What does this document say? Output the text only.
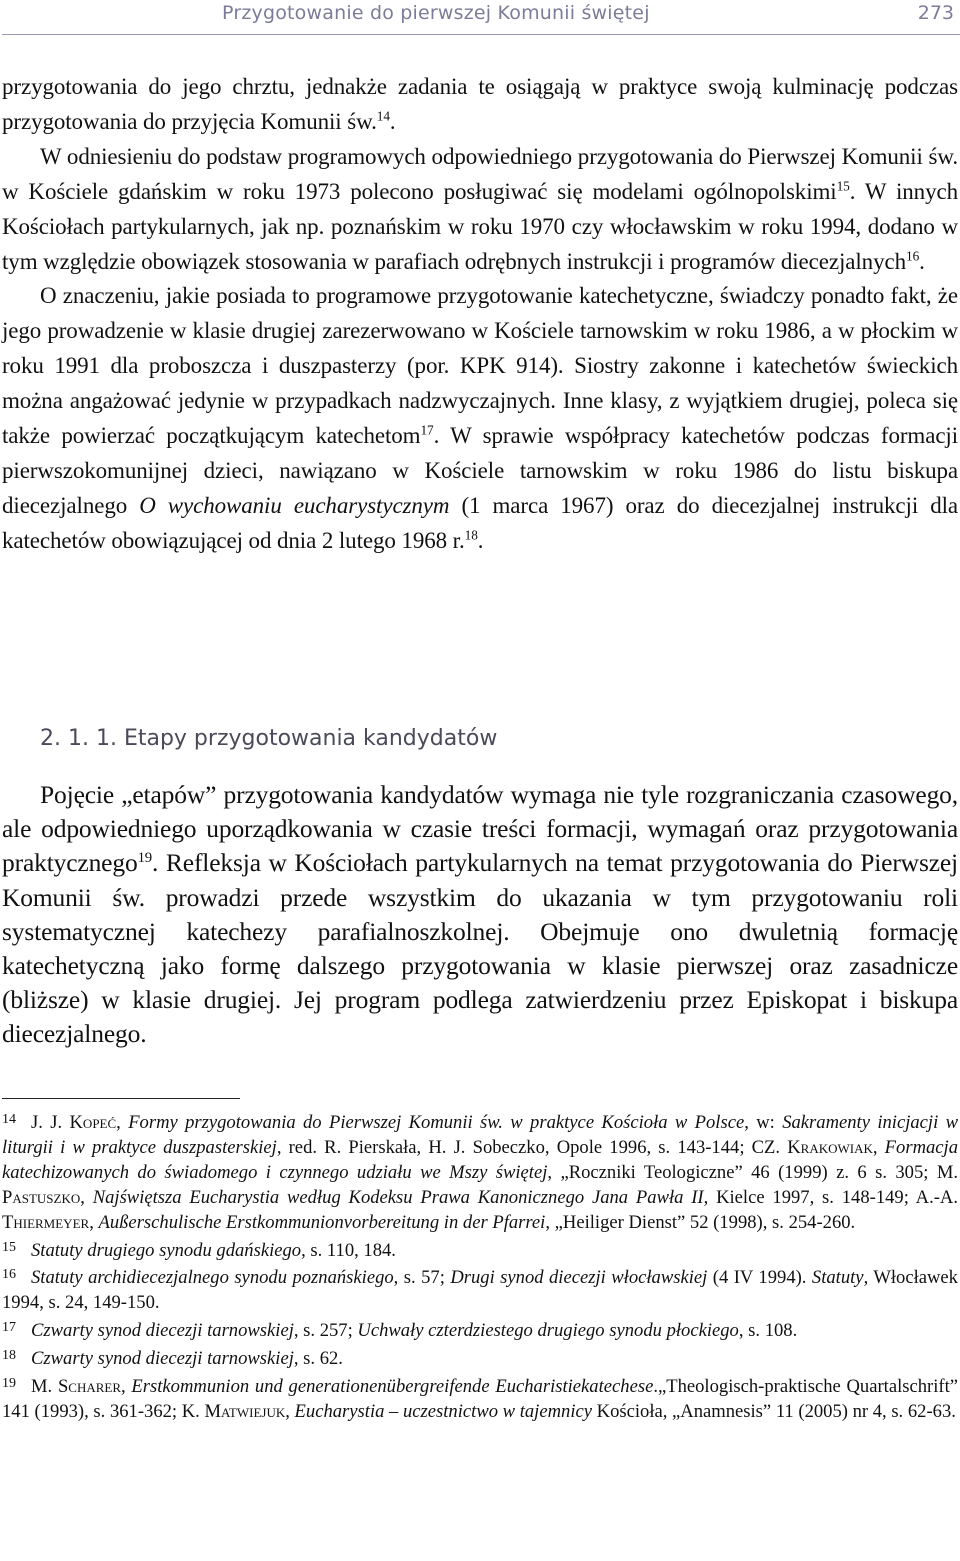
Przygotowanie do pierwszej Komunii świętej	273

przygotowania do jego chrztu, jednakże zadania te osiągają w praktyce swoją kulminację podczas przygotowania do przyjęcia Komunii św.$^{14}$.

W odniesieniu do podstaw programowych odpowiedniego przygotowania do Pierwszej Komunii św. w Kościele gdańskim w roku 1973 polecono posługiwać się modelami ogólnopolskimi$^{15}$. W innych Kościołach partykularnych, jak np. poznańskim w roku 1970 czy włocławskim w roku 1994, dodano w tym względzie obowiązek stosowania w parafiach odrębnych instrukcji i programów diecezjalnych$^{16}$.

O znaczeniu, jakie posiada to programowe przygotowanie katechetyczne, świadczy ponadto fakt, że jego prowadzenie w klasie drugiej zarezerwowano w Kościele tarnowskim w roku 1986, a w płockim w roku 1991 dla proboszcza i duszpasterzy (por. KPK 914). Siostry zakonne i katechetów świeckich można angażować jedynie w przypadkach nadzwyczajnych. Inne klasy, z wyjątkiem drugiej, poleca się także powierzać początkującym katechetom$^{17}$. W sprawie współpracy katechetów podczas formacji pierwszokomunijnej dzieci, nawiązano w Kościele tarnowskim w roku 1986 do listu biskupa diecezjalnego O wychowaniu eucharystycznym (1 marca 1967) oraz do diecezjalnej instrukcji dla katechetów obowiązującej od dnia 2 lutego 1968 r.$^{18}$.

2. 1. 1. Etapy przygotowania kandydatów

Pojęcie „etapów” przygotowania kandydatów wymaga nie tyle rozgraniczania czasowego, ale odpowiedniego uporządkowania w czasie treści formacji, wymagań oraz przygotowania praktycznego$^{19}$. Refleksja w Kościołach partykularnych na temat przygotowania do Pierwszej Komunii św. prowadzi przede wszystkim do ukazania w tym przygotowaniu roli systematycznej katechezy parafialnoszkolnej. Obejmuje ono dwuletnią formację katechetyczną jako formę dalszego przygotowania w klasie pierwszej oraz zasadnicze (bliższe) w klasie drugiej. Jej program podlega zatwierdzeniu przez Episkopat i biskupa diecezjalnego.

14 J. J. Kopeć, Formy przygotowania do Pierwszej Komunii św. w praktyce Kościoła w Polsce, w: Sakramenty inicjacji w liturgii i w praktyce duszpasterskiej, red. R. Pierskała, H. J. Sobeczko, Opole 1996, s. 143-144; CZ. Krakowiak, Formacja katechizowanych do świadomego i czynnego udziału we Mszy świętej, „Roczniki Teologiczne” 46 (1999) z. 6 s. 305; M. Pastuszko, Najświętsza Eucharystia według Kodeksu Prawa Kanonicznego Jana Pawła II, Kielce 1997, s. 148-149; A.-A. Thiermeyer, Außerschulische Erstkommunionvorbereitung in der Pfarrei, „Heiliger Dienst” 52 (1998), s. 254-260.

15 Statuty drugiego synodu gdańskiego, s. 110, 184.

16 Statuty archidiecezjalnego synodu poznańskiego, s. 57; Drugi synod diecezji włocławskiej (4 IV 1994). Statuty, Włocławek 1994, s. 24, 149-150.

17 Czwarty synod diecezji tarnowskiej, s. 257; Uchwały czterdziestego drugiego synodu płockiego, s. 108.

18 Czwarty synod diecezji tarnowskiej, s. 62.

19 M. Scharer, Erstkommunion und generationenübergreifende Eucharistiekatechese.„Theologisch-praktische Quartalschrift” 141 (1993), s. 361-362; K. Matwiejuk, Eucharystia – uczestnictwo w tajemnicy Kościoła, „Anamnesis” 11 (2005) nr 4, s. 62-63.
